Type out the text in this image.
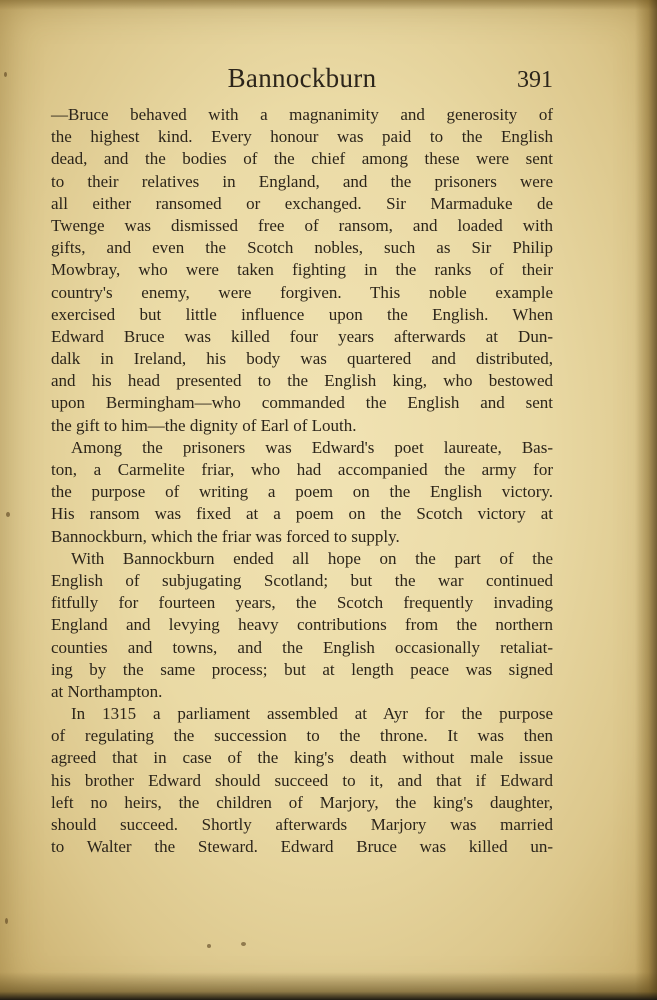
Bannockburn	391
—Bruce behaved with a magnanimity and generosity of
the highest kind. Every honour was paid to the English
dead, and the bodies of the chief among these were sent
to their relatives in England, and the prisoners were
all either ransomed or exchanged. Sir Marmaduke de
Twenge was dismissed free of ransom, and loaded with
gifts, and even the Scotch nobles, such as Sir Philip
Mowbray, who were taken fighting in the ranks of their
country's enemy, were forgiven. This noble example
exercised but little influence upon the English. When
Edward Bruce was killed four years afterwards at Dun-
dalk in Ireland, his body was quartered and distributed,
and his head presented to the English king, who bestowed
upon Bermingham—who commanded the English and sent
the gift to him—the dignity of Earl of Louth.
Among the prisoners was Edward's poet laureate, Bas-
ton, a Carmelite friar, who had accompanied the army for
the purpose of writing a poem on the English victory.
His ransom was fixed at a poem on the Scotch victory at
Bannockburn, which the friar was forced to supply.
With Bannockburn ended all hope on the part of the
English of subjugating Scotland; but the war continued
fitfully for fourteen years, the Scotch frequently invading
England and levying heavy contributions from the northern
counties and towns, and the English occasionally retaliat-
ing by the same process; but at length peace was signed
at Northampton.
In 1315 a parliament assembled at Ayr for the purpose
of regulating the succession to the throne. It was then
agreed that in case of the king's death without male issue
his brother Edward should succeed to it, and that if Edward
left no heirs, the children of Marjory, the king's daughter,
should succeed. Shortly afterwards Marjory was married
to Walter the Steward. Edward Bruce was killed un-
